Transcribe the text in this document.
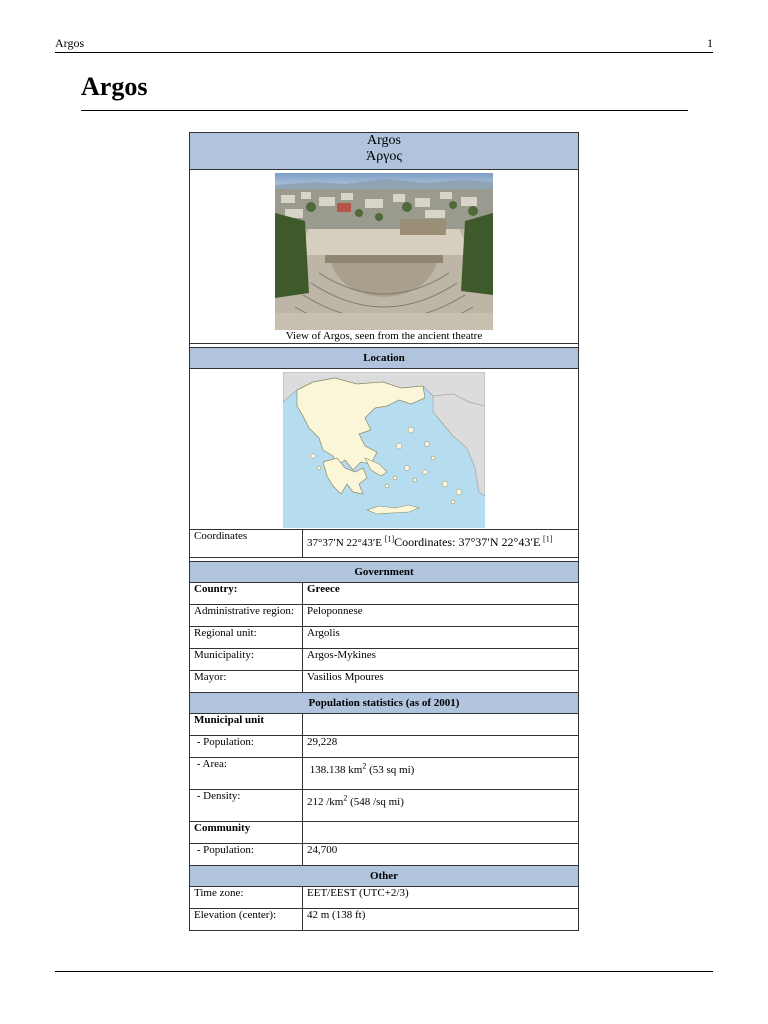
Argos	1
Argos
Argos
Άργος	

View of Argos, seen from the ancient theatre	

Location	

Coordinates	37°37′N 22°43′E [1]Coordinates: 37°37′N 22°43′E [1]

Government	
Country:	Greece
Administrative region:	Peloponnese
Regional unit:	Argolis
Municipality:	Argos-Mykines
Mayor:	Vasilios Mpoures
Population statistics (as of 2001)	
Municipal unit	
- Population:	29,228
- Area:	138.138 $km^2$ (53 sq mi)
- Density:	212 $/km^2$ (548 /sq mi)
Community	
- Population:	24,700
Other	
Time zone:	EET/EEST (UTC+2/3)
Elevation (center):	42 m (138 ft)
